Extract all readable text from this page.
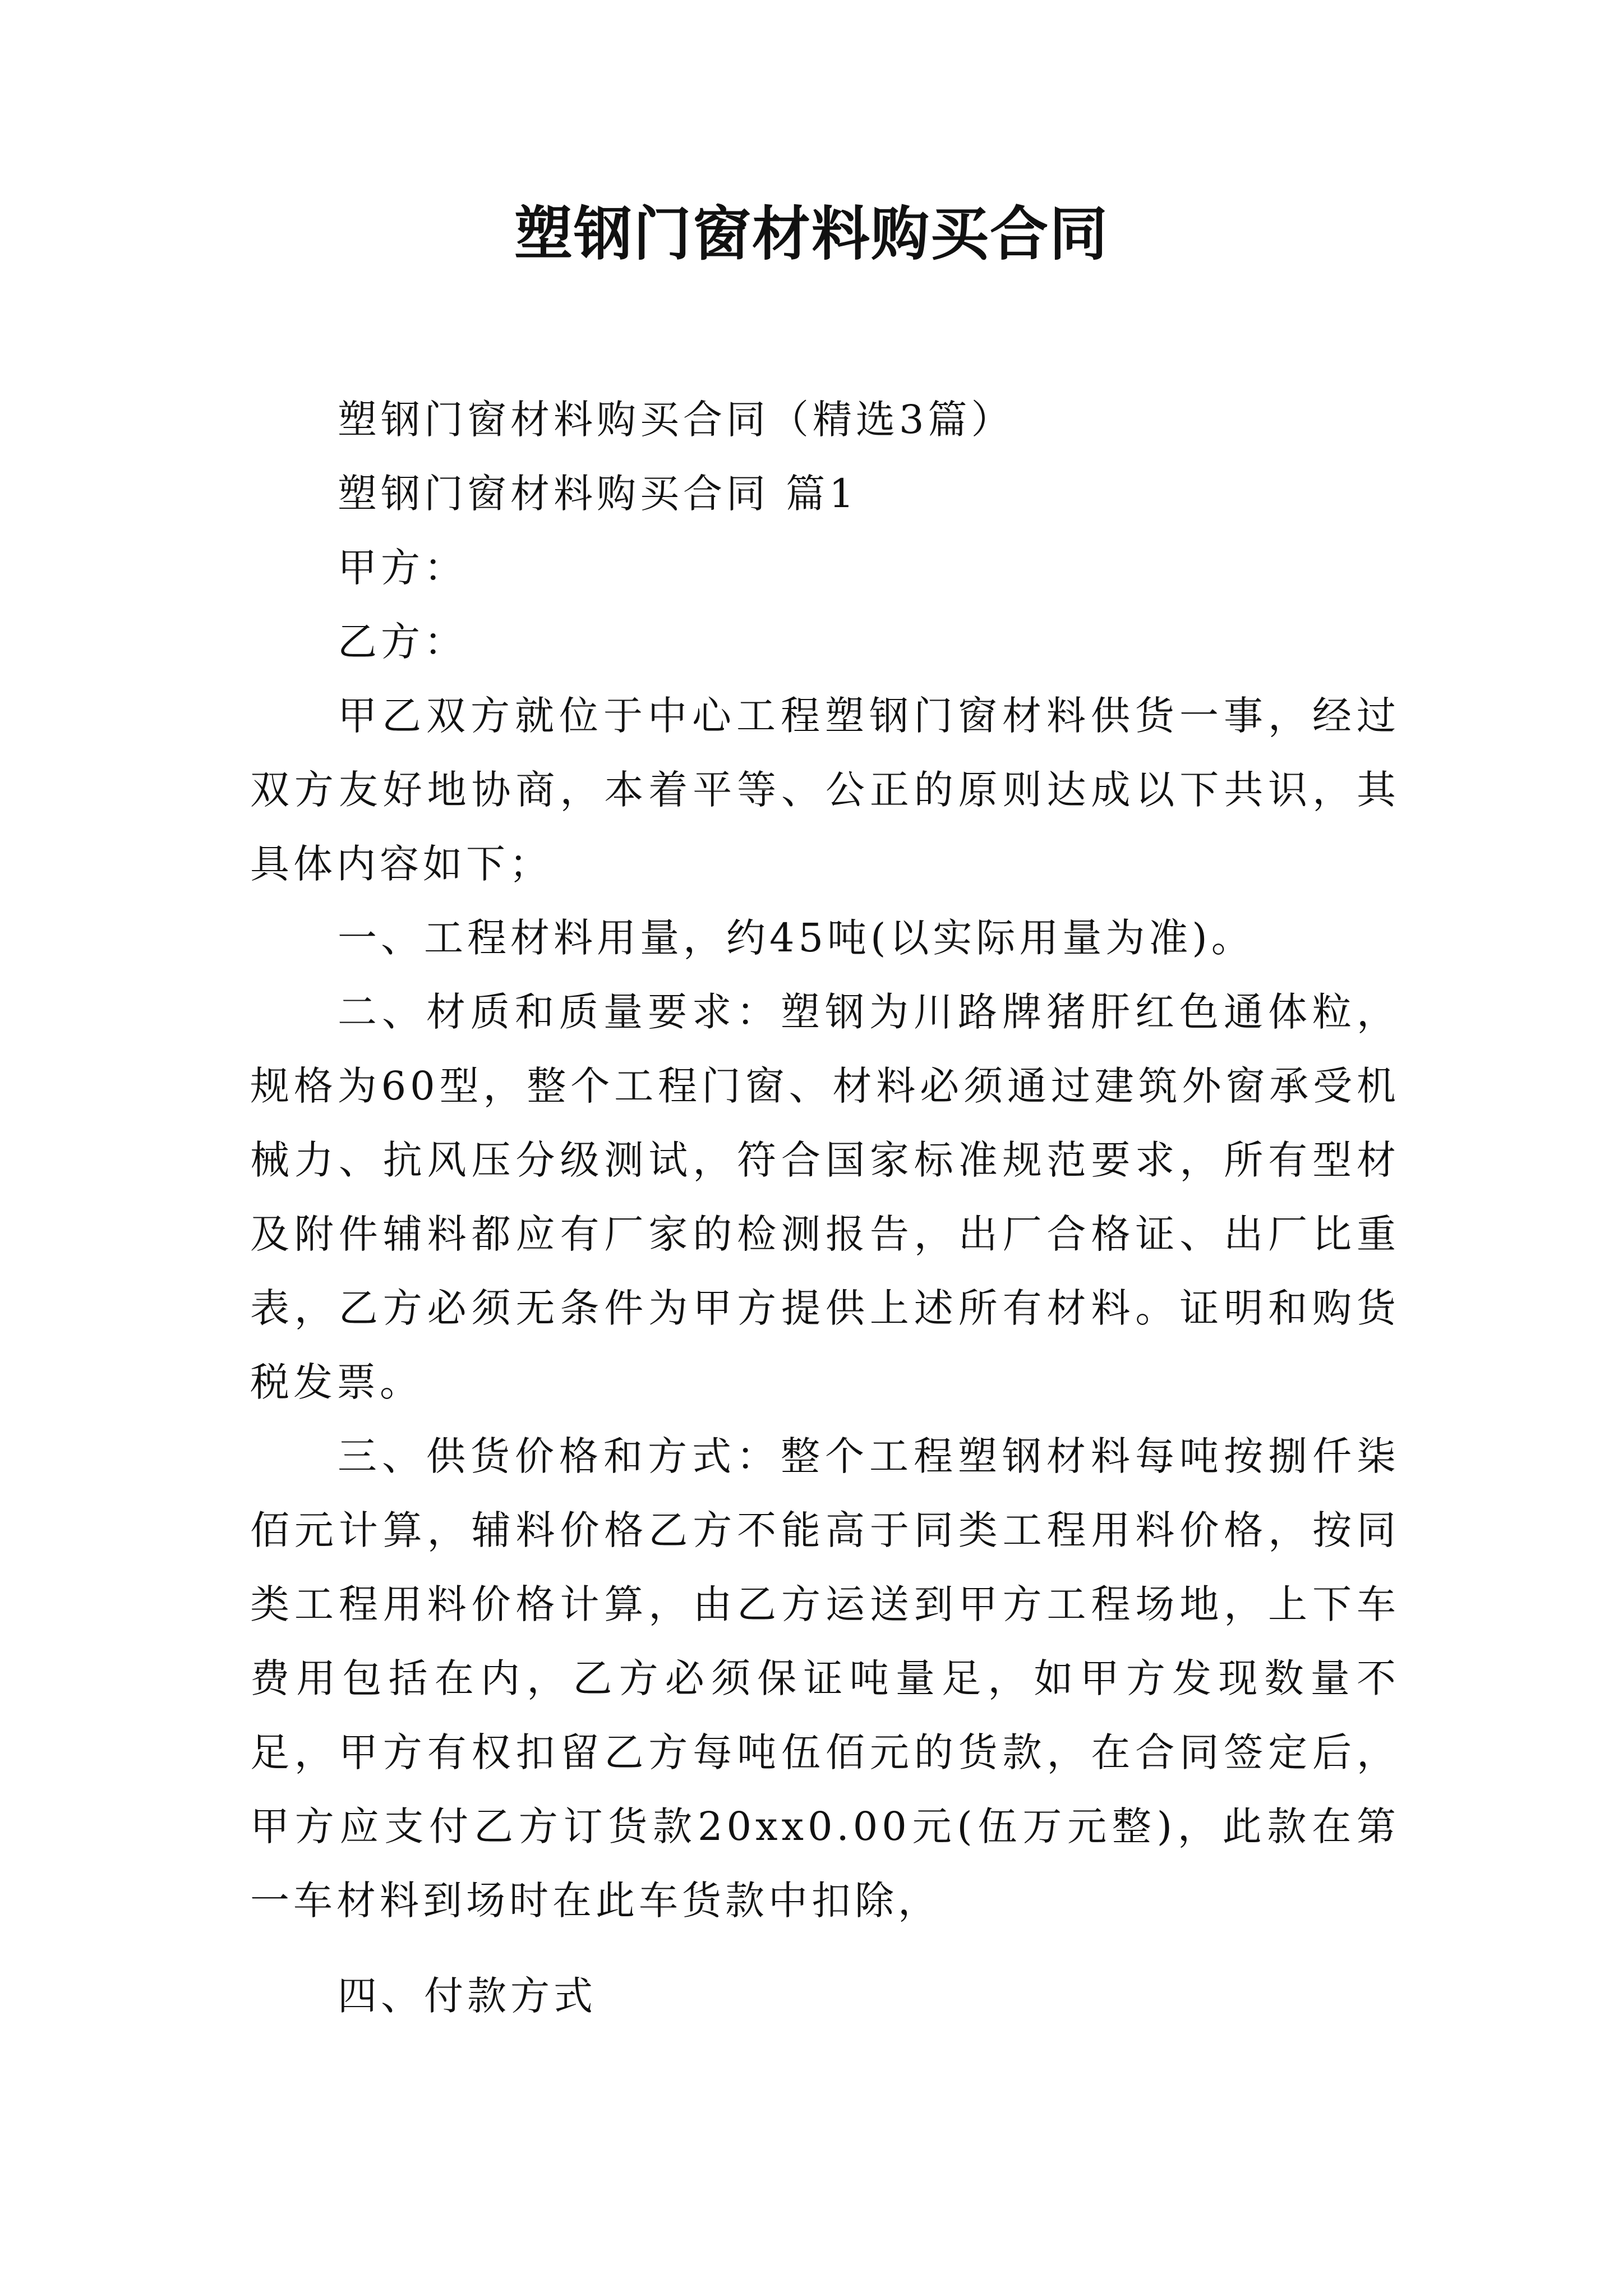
塑钢门窗材料购买合同

塑钢门窗材料购买合同（精选3篇）

塑钢门窗材料购买合同 篇1

甲方：

乙方：

甲乙双方就位于中心工程塑钢门窗材料供货一事，经过双方友好地协商，本着平等、公正的原则达成以下共识，其具体内容如下；

一、工程材料用量，约45吨(以实际用量为准)。

二、材质和质量要求：塑钢为川路牌猪肝红色通体粒，规格为60型，整个工程门窗、材料必须通过建筑外窗承受机械力、抗风压分级测试，符合国家标准规范要求，所有型材及附件辅料都应有厂家的检测报告，出厂合格证、出厂比重表，乙方必须无条件为甲方提供上述所有材料。证明和购货税发票。

三、供货价格和方式：整个工程塑钢材料每吨按捌仟柒佰元计算，辅料价格乙方不能高于同类工程用料价格，按同类工程用料价格计算，由乙方运送到甲方工程场地，上下车费用包括在内，乙方必须保证吨量足，如甲方发现数量不足，甲方有权扣留乙方每吨伍佰元的货款，在合同签定后，甲方应支付乙方订货款20xx0.00元(伍万元整)，此款在第一车材料到场时在此车货款中扣除，

四、付款方式
